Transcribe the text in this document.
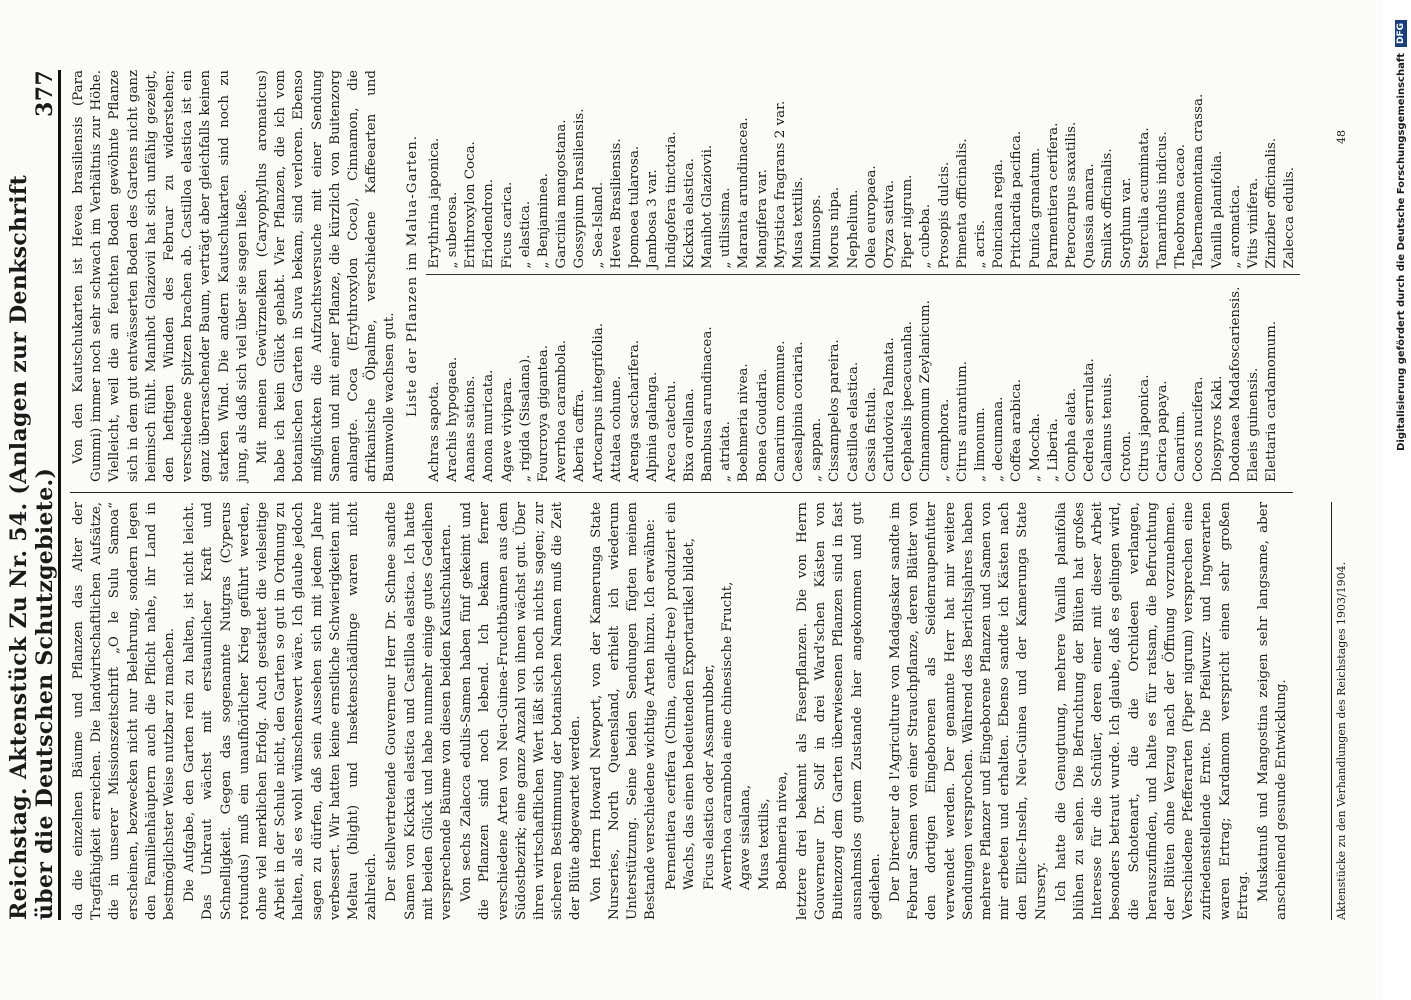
Reichstag. Aktenstück Zu Nr. 54. (Anlagen zur Denkschrift über die Deutschen Schutzgebiete.)
377

da die einzelnen Bäume und Pflanzen das Alter der Tragfähigkeit erreichen. Die landwirtschaftlichen Aufsätze, die in unserer Missionszeitschrift „O le Sulu Samoa“ erscheinen, bezwecken nicht nur Belehrung, sondern legen den Familienhäuptern auch die Pflicht nahe, ihr Land in bestmöglichster Weise nutzbar zu machen. Die Aufgabe, den Garten rein zu halten, ist nicht leicht. Das Unkraut wächst mit erstaunlicher Kraft und Schnelligkeit. Gegen das sogenannte Nutgras (Cyperus rotundus) muß ein unaufhörlicher Krieg geführt werden, ohne viel merklichen Erfolg. Auch gestattet die vielseitige Arbeit in der Schule nicht, den Garten so gut in Ordnung zu halten, als es wohl wünschenswert wäre. Ich glaube jedoch sagen zu dürfen, daß sein Aussehen sich mit jedem Jahre verbessert. Wir hatten keine ernstliche Schwierigkeiten mit Meltau (blight) und Insektenschädlinge waren nicht zahlreich. Der stellvertretende Gouverneur Herr Dr. Schnee sandte Samen von Kickxia elastica und Castilloa elastica. Ich hatte mit beiden Glück und habe nunmehr einige gutes Gedeihen versprechende Bäume von diesen beiden Kautschukarten. Von sechs Zalacca edulis-Samen haben fünf gekeimt und die Pflanzen sind noch lebend. Ich bekam ferner verschiedene Arten von Neu-Guinea-Fruchtbäumen aus dem Südostbezirk; eine ganze Anzahl von ihnen wächst gut. Über ihren wirtschaftlichen Wert läßt sich noch nichts sagen; zur sicheren Bestimmung der botanischen Namen muß die Zeit der Blüte abgewartet werden. Von Herrn Howard Newport, von der Kamerunga State Nurseries, North Queensland, erhielt ich wiederum Unterstützung. Seine beiden Sendungen fügten meinem Bestande verschiedene wichtige Arten hinzu. Ich erwähne: Pernentiera cerifera (China, candle-tree) produziert ein Wachs, das einen bedeutenden Exportartikel bildet, Ficus elastica oder Assamrubber, Averrhoa carambola eine chinesische Frucht, Agave sisalana, Musa textilis, Boehmeria nivea, letztere drei bekannt als Faserpflanzen. Die von Herrn Gouverneur Dr. Solf in drei Ward'schen Kästen von Buitenzorg dem Garten überwiesenen Pflanzen sind in fast ausnahmslos gutem Zustande hier angekommen und gut gediehen. Der Directeur de l'Agriculture von Madagaskar sandte im Februar Samen von einer Strauchpflanze, deren Blätter von den dortigen Eingeborenen als Seidenraupenfutter verwendet werden. Der genannte Herr hat mir weitere Sendungen versprochen. Während des Berichtsjahres haben mehrere Pflanzer und Eingeborene Pflanzen und Samen von mir erbeten und erhalten. Ebenso sandte ich Kästen nach den Ellice-Inseln, Neu-Guinea und der Kamerunga State Nursery. Ich hatte die Genugtuung, mehrere Vanilla planifolia blühen zu sehen. Die Befruchtung der Blüten hat großes Interesse für die Schüler, deren einer mit dieser Arbeit besonders betraut wurde. Ich glaube, daß es gelingen wird, die Schotenart, die die Orchideen verlangen, herauszufinden, und halte es für ratsam, die Befruchtung der Blüten ohne Verzug nach der Öffnung vorzunehmen. Verschiedene Pfefferarten (Piper nigrum) versprechen eine zufriedenstellende Ernte. Die Pfeilwurz- und Ingwerarten waren Ertrag; Kardamom verspricht einen sehr großen Ertrag. Muskatnuß und Mangostina zeigen sehr langsame, aber anscheinend gesunde Entwicklung.

Von den Kautschukarten ist Hevea brasiliensis (Para Gummi) immer noch sehr schwach im Verhältnis zur Höhe. Vielleicht, weil die an feuchten Boden gewöhnte Pflanze sich in dem gut entwässerten Boden des Gartens nicht ganz heimisch fühlt. Manihot Glaziovii hat sich unfähig gezeigt, den heftigen Winden des Februar zu widerstehen; verschiedene Spitzen brachen ab. Castilloa elastica ist ein ganz überraschender Baum, verträgt aber gleichfalls keinen starken Wind. Die andern Kautschukarten sind noch zu jung, als daß sich viel über sie sagen ließe. Mit meinen Gewürznelken (Caryophyllus aromaticus) habe ich kein Glück gehabt. Vier Pflanzen, die ich vom botanischen Garten in Suva bekam, sind verloren. Ebenso mißglückten die Aufzuchtsversuche mit einer Sendung Samen und mit einer Pflanze, die kürzlich von Buitenzorg anlangte. Coca (Erythroxylon Coca), Cinnamon, die afrikanische Ölpalme, verschiedene Kaffeearten und Baumwolle wachsen gut. Liste der Pflanzen im Malua-Garten.
Achras sapota. Arachis hypogaea. Ananas sations. Anona muricata. Agave vivipara. „ rigida (Sisalana). Fourcroya gigantea. Averrhoa carambola. Aberia caffra. Artocarpus integrifolia. Attalea cohune. Arenga saccharifera. Alpinia galanga. Areca catechu. Bixa orellana. Bambusa arundinacea. „ atriata. Boehmeria nivea. Bonea Goudaria. Canarium commune. Caesalpinia coriaria. „ sappan. Cissampelos pareira. Castilloa elastica. Cassia fistula. Carludovica Palmata. Cephaelis ipecacuanha. Cinnamomum Zeylanicum. „ camphora. Citrus aurantium. „ limonum. „ decumana. Coffea arabica. „ Moccha. „ Liberia. Conpha elata. Cedrela serrulata. Calamus tenuis. Croton. Citrus japonica. Carica papaya. Canarium. Cocos nucifera. Diospyros Kaki. Dodonaea Madafoscariensis. Elaeis guinensis. Elettaria cardamomum.
Erythrina japonica. „ suberosa. Erithroxylon Coca. Eriodendron. Ficus carica. „ elastica. „ Benjaminea. Garcinia mangostana. Gossypium brasiliensis. „ Sea-Island. Hevea Brasiliensis. Ipomoea tularosa. Jambosa 3 var. Indigofera tinctoria. Kickxia elastica. Manihot Glaziovii. „ utilissima. Maranta arundinacea. Mangifera var. Myristica fragrans 2 var. Musa textilis. Mimusops. Morus nipa. Nephelium. Olea europaea. Oryza sativa. Piper nigrum. „ cubeba. Prosopis dulcis. Pimenta officinalis. „ acris. Poinciana regia. Pritchardia pacifica. Punica granatum. Parmentiera cerifera. Pterocarpus saxatilis. Quassia amara. Smilax officinalis. Sorghum var. Sterculia acuminata. Tamarindus indicus. Theobroma cacao. Tabernaemontana crassa. Vanilla planifolia. „ aromatica. Vitis vinifera. Zinziber officinalis. Zalecca edulis.
Aktenstücke zu den Verhandlungen des Reichstages 1903/1904.
48	Digitalisierung gefördert durch die Deutsche Forschungsgemeinschaft
DFG
